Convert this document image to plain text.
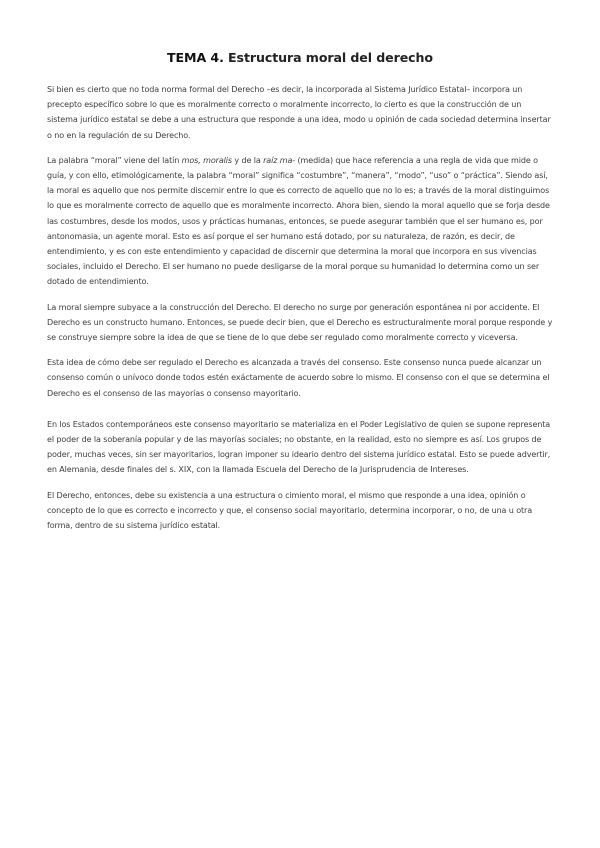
TEMA 4. Estructura moral del derecho

Si bien es cierto que no toda norma formal del Derecho –es decir, la incorporada al Sistema Jurídico Estatal– incorpora un precepto específico sobre lo que es moralmente correcto o moralmente incorrecto, lo cierto es que la construcción de un sistema jurídico estatal se debe a una estructura que responde a una idea, modo u opinión de cada sociedad determina insertar o no en la regulación de su Derecho.

La palabra “moral” viene del latín mos, moralis y de la raíz ma- (medida) que hace referencia a una regla de vida que mide o guía, y con ello, etimológicamente, la palabra “moral” significa “costumbre”, “manera”, “modo”, “uso” o “práctica”. Siendo así, la moral es aquello que nos permite discernir entre lo que es correcto de aquello que no lo es; a través de la moral distinguimos lo que es moralmente correcto de aquello que es moralmente incorrecto. Ahora bien, siendo la moral aquello que se forja desde las costumbres, desde los modos, usos y prácticas humanas, entonces, se puede asegurar también que el ser humano es, por antonomasia, un agente moral. Esto es así porque el ser humano está dotado, por su naturaleza, de razón, es decir, de entendimiento, y es con este entendimiento y capacidad de discernir que determina la moral que incorpora en sus vivencias sociales, incluido el Derecho. El ser humano no puede desligarse de la moral porque su humanidad lo determina como un ser dotado de entendimiento.

La moral siempre subyace a la construcción del Derecho. El derecho no surge por generación espontánea ni por accidente. El Derecho es un constructo humano. Entonces, se puede decir bien, que el Derecho es estructuralmente moral porque responde y se construye siempre sobre la idea de que se tiene de lo que debe ser regulado como moralmente correcto y viceversa.

Esta idea de cómo debe ser regulado el Derecho es alcanzada a través del consenso. Este consenso nunca puede alcanzar un consenso común o unívoco donde todos estén exáctamente de acuerdo sobre lo mismo. El consenso con el que se determina el Derecho es el consenso de las mayorías o consenso mayoritario.

En los Estados contemporáneos este consenso mayoritario se materializa en el Poder Legislativo de quien se supone representa el poder de la soberanía popular y de las mayorías sociales; no obstante, en la realidad, esto no siempre es así. Los grupos de poder, muchas veces, sin ser mayoritarios, logran imponer su ideario dentro del sistema jurídico estatal. Esto se puede advertir, en Alemania, desde finales del s. XIX, con la llamada Escuela del Derecho de la Jurisprudencia de Intereses.

El Derecho, entonces, debe su existencia a una estructura o cimiento moral, el mismo que responde a una idea, opinión o concepto de lo que es correcto e incorrecto y que, el consenso social mayoritario, determina incorporar, o no, de una u otra forma, dentro de su sistema jurídico estatal.
